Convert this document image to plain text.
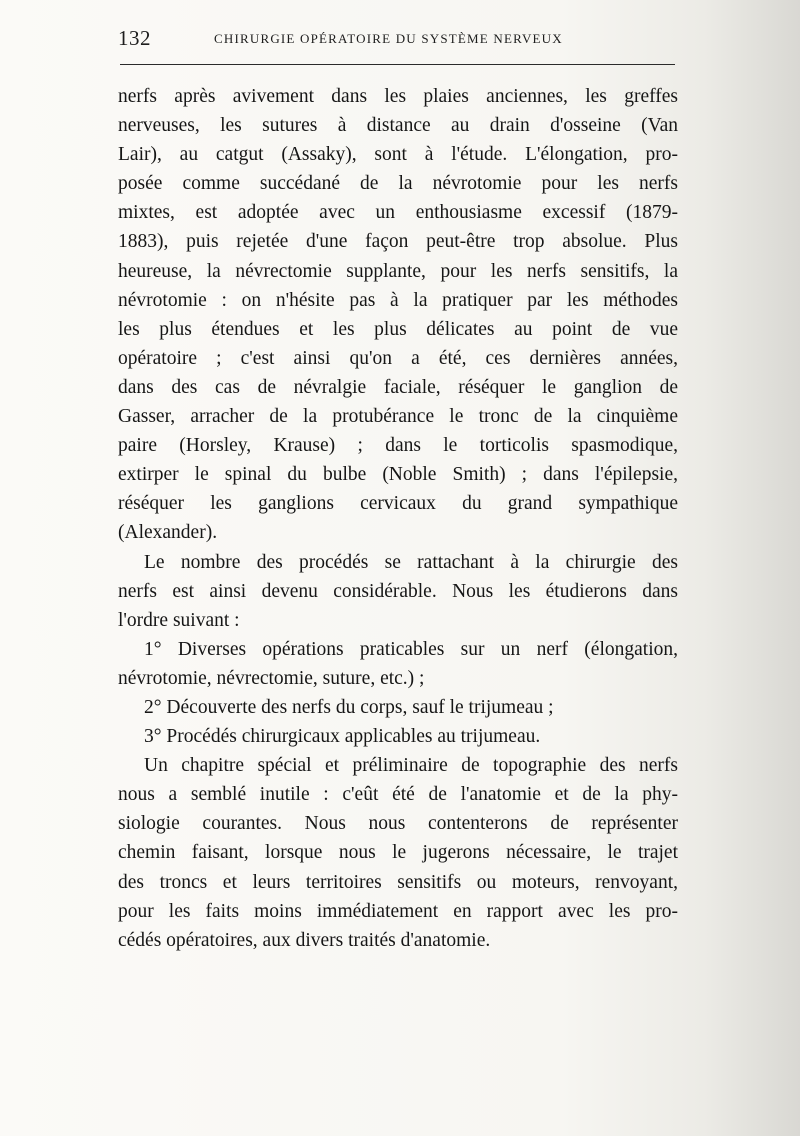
132	CHIRURGIE OPÉRATOIRE DU SYSTÈME NERVEUX
nerfs après avivement dans les plaies anciennes, les greffes
nerveuses, les sutures à distance au drain d'osseine (Van
Lair), au catgut (Assaky), sont à l'étude. L'élongation, pro-
posée comme succédané de la névrotomie pour les nerfs
mixtes, est adoptée avec un enthousiasme excessif (1879-
1883), puis rejetée d'une façon peut-être trop absolue. Plus
heureuse, la névrectomie supplante, pour les nerfs sensitifs, la
névrotomie : on n'hésite pas à la pratiquer par les méthodes
les plus étendues et les plus délicates au point de vue
opératoire ; c'est ainsi qu'on a été, ces dernières années,
dans des cas de névralgie faciale, réséquer le ganglion de
Gasser, arracher de la protubérance le tronc de la cinquième
paire (Horsley, Krause) ; dans le torticolis spasmodique,
extirper le spinal du bulbe (Noble Smith) ; dans l'épilepsie,
réséquer les ganglions cervicaux du grand sympathique
(Alexander).
Le nombre des procédés se rattachant à la chirurgie des
nerfs est ainsi devenu considérable. Nous les étudierons dans
l'ordre suivant :
1° Diverses opérations praticables sur un nerf (élongation,
névrotomie, névrectomie, suture, etc.) ;
2° Découverte des nerfs du corps, sauf le trijumeau ;
3° Procédés chirurgicaux applicables au trijumeau.
Un chapitre spécial et préliminaire de topographie des nerfs
nous a semblé inutile : c'eût été de l'anatomie et de la phy-
siologie courantes. Nous nous contenterons de représenter
chemin faisant, lorsque nous le jugerons nécessaire, le trajet
des troncs et leurs territoires sensitifs ou moteurs, renvoyant,
pour les faits moins immédiatement en rapport avec les pro-
cédés opératoires, aux divers traités d'anatomie.
